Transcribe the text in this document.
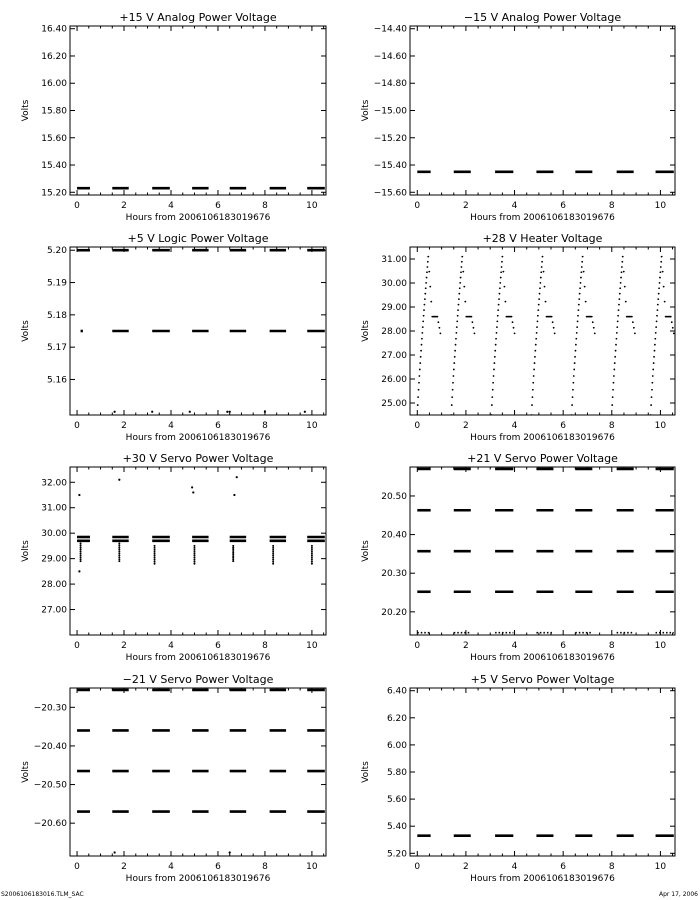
+15 V Analog Power Voltage
Hours from 2006106183019676
Volts
0	2	4	6	8	10
15.20
15.40
15.60
15.80
16.00
16.20
16.40
−15 V Analog Power Voltage
Hours from 2006106183019676
Volts
0	2	4	6	8	10
−15.60
−15.40
−15.20
−15.00
−14.80
−14.60
−14.40
+5 V Logic Power Voltage
Hours from 2006106183019676
Volts
0	2	4	6	8	10
5.16
5.17
5.18
5.19
5.20
+28 V Heater Voltage
Hours from 2006106183019676
Volts
0	2	4	6	8	10
25.00
26.00
27.00
28.00
29.00
30.00
31.00
+30 V Servo Power Voltage
Hours from 2006106183019676
Volts
0	2	4	6	8	10
27.00
28.00
29.00
30.00
31.00
32.00
+21 V Servo Power Voltage
Hours from 2006106183019676
Volts
0	2	4	6	8	10
20.20
20.30
20.40
20.50
−21 V Servo Power Voltage
Hours from 2006106183019676
Volts
0	2	4	6	8	10
−20.60
−20.50
−20.40
−20.30
+5 V Servo Power Voltage
Hours from 2006106183019676
Volts
0	2	4	6	8	10
5.20
5.40
5.60
5.80
6.00
6.20
6.40
S2006106183016.TLM_SAC	Apr 17, 2006
